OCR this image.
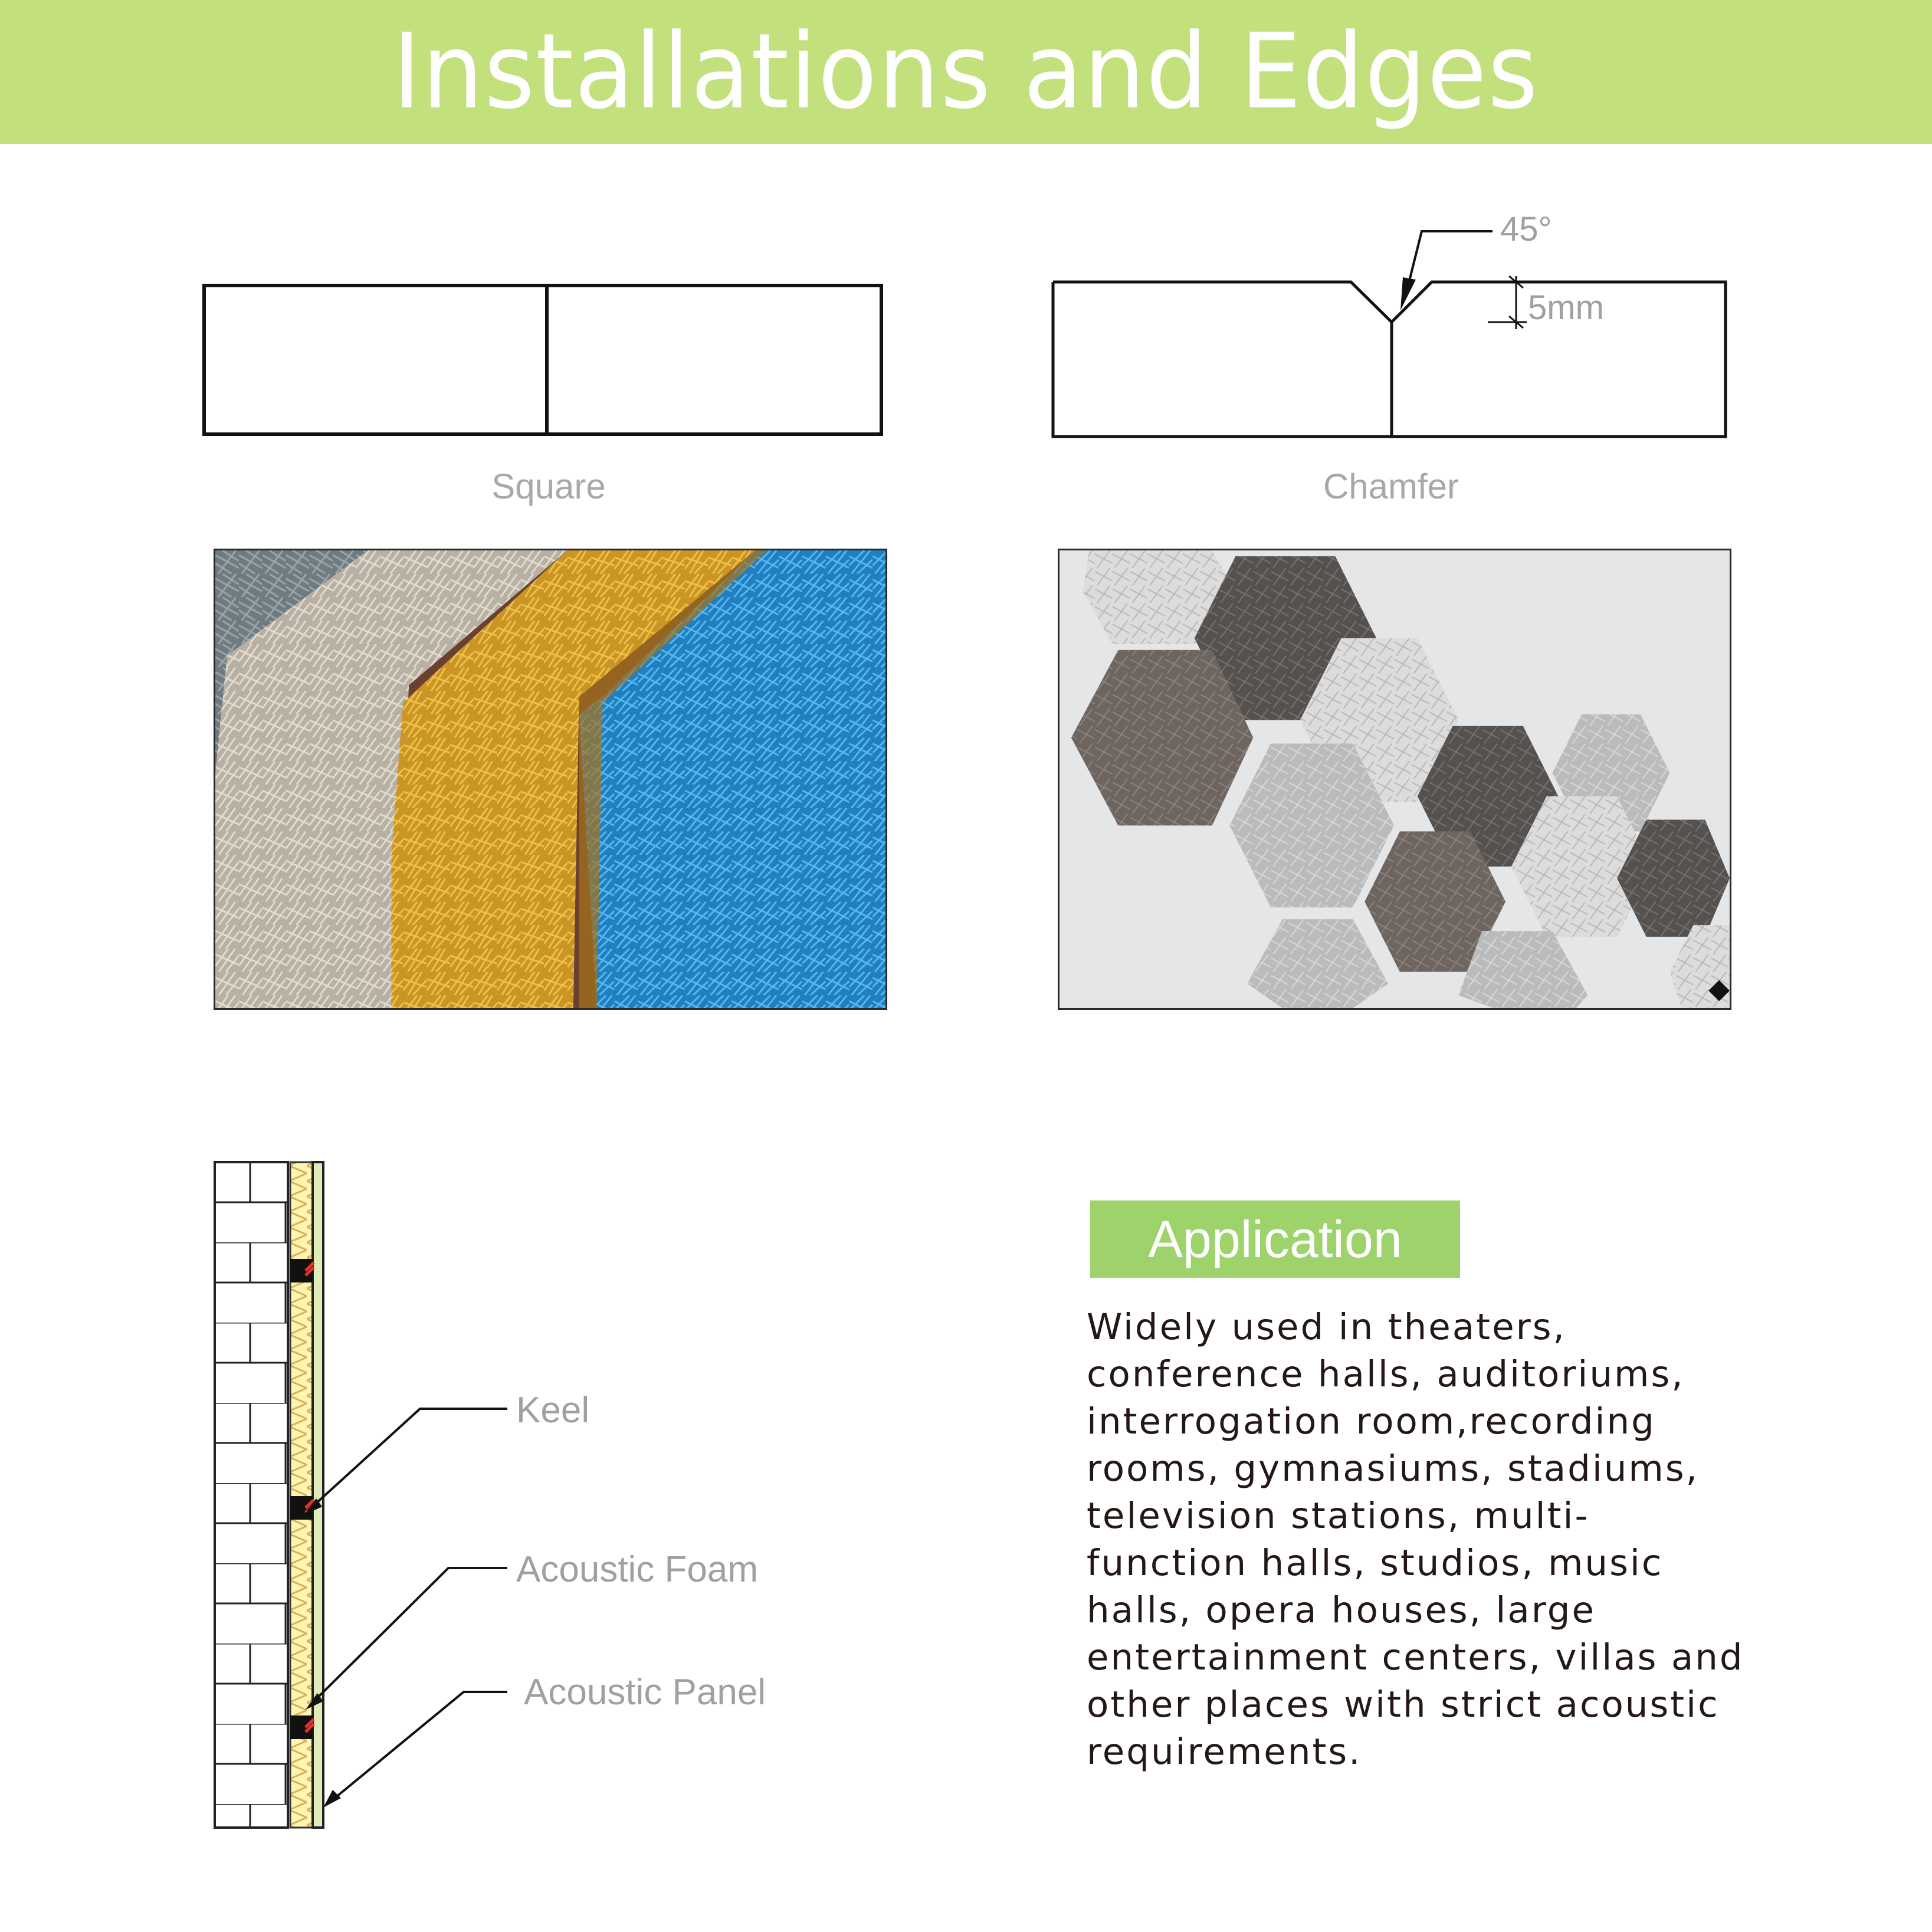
Installations and Edges
Square
45°
5mm
Chamfer
Keel
Acoustic Foam
Acoustic Panel
Application
Widely used in theaters,
conference halls, auditoriums,
interrogation room,recording
rooms, gymnasiums, stadiums,
television stations, multi-
function halls, studios, music
halls, opera houses, large
entertainment centers, villas and
other places with strict acoustic
requirements.
